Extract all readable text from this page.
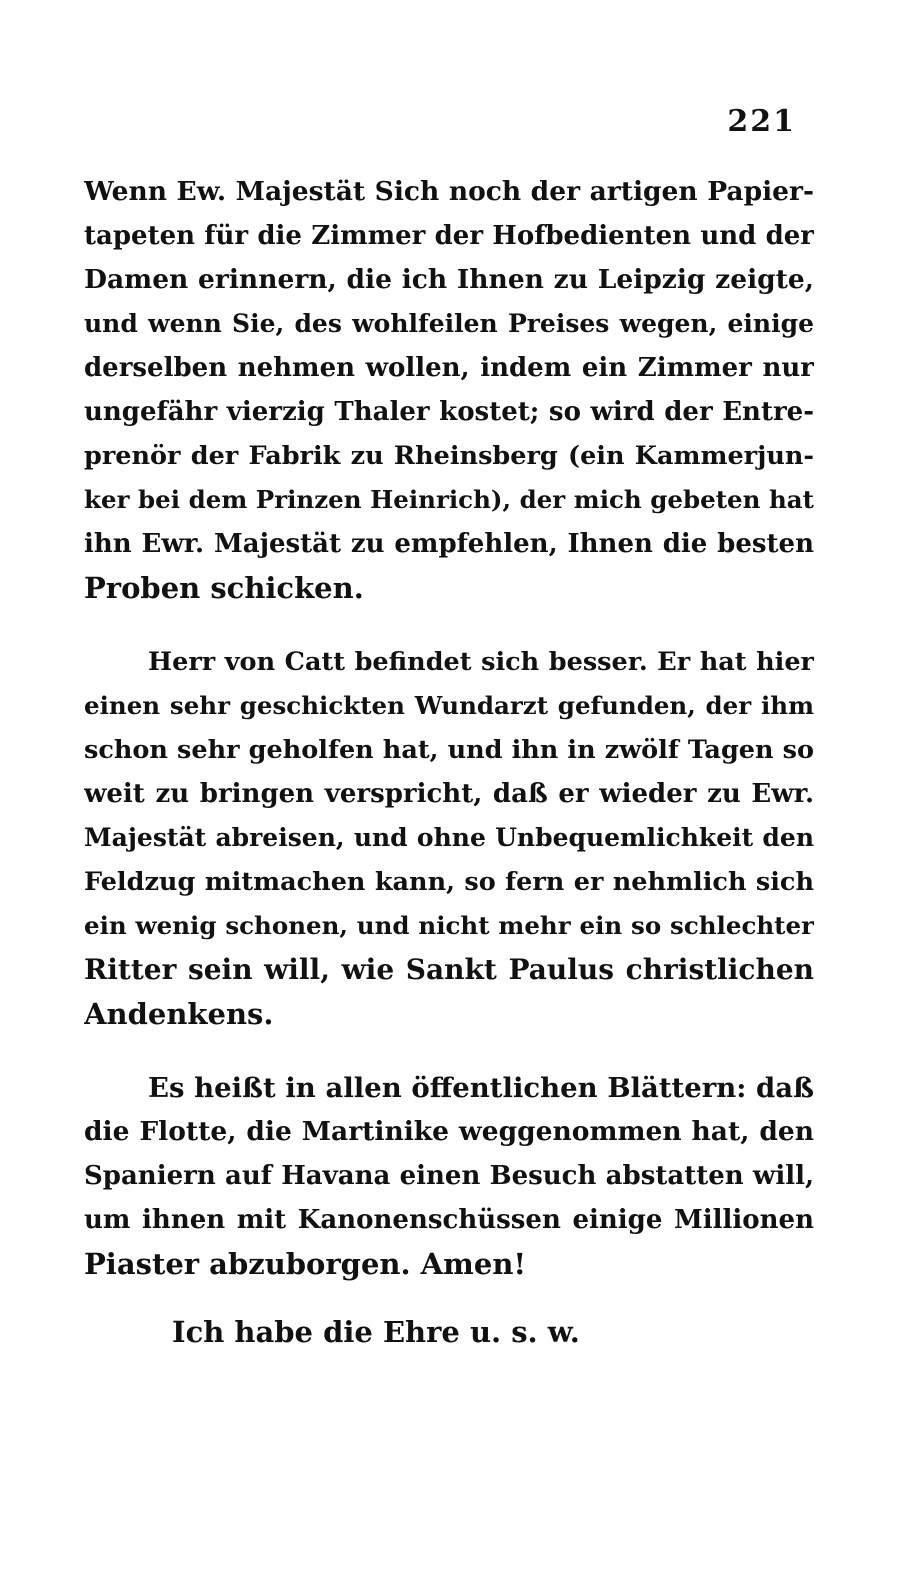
221
Wenn Ew. Majestät Sich noch der artigen Papier-
tapeten für die Zimmer der Hofbedienten und der
Damen erinnern, die ich Ihnen zu Leipzig zeigte,
und wenn Sie, des wohlfeilen Preises wegen, einige
derselben nehmen wollen, indem ein Zimmer nur
ungefähr vierzig Thaler kostet; so wird der Entre-
prenör der Fabrik zu Rheinsberg (ein Kammerjun-
ker bei dem Prinzen Heinrich), der mich gebeten hat
ihn Ewr. Majestät zu empfehlen, Ihnen die besten
Proben schicken.
Herr von Catt befindet sich besser. Er hat hier
einen sehr geschickten Wundarzt gefunden, der ihm
schon sehr geholfen hat, und ihn in zwölf Tagen so
weit zu bringen verspricht, daß er wieder zu Ewr.
Majestät abreisen, und ohne Unbequemlichkeit den
Feldzug mitmachen kann, so fern er nehmlich sich
ein wenig schonen, und nicht mehr ein so schlechter
Ritter sein will, wie Sankt Paulus christlichen
Andenkens.
Es heißt in allen öffentlichen Blättern: daß
die Flotte, die Martinike weggenommen hat, den
Spaniern auf Havana einen Besuch abstatten will,
um ihnen mit Kanonenschüssen einige Millionen
Piaster abzuborgen. Amen!
Ich habe die Ehre u. s. w.
